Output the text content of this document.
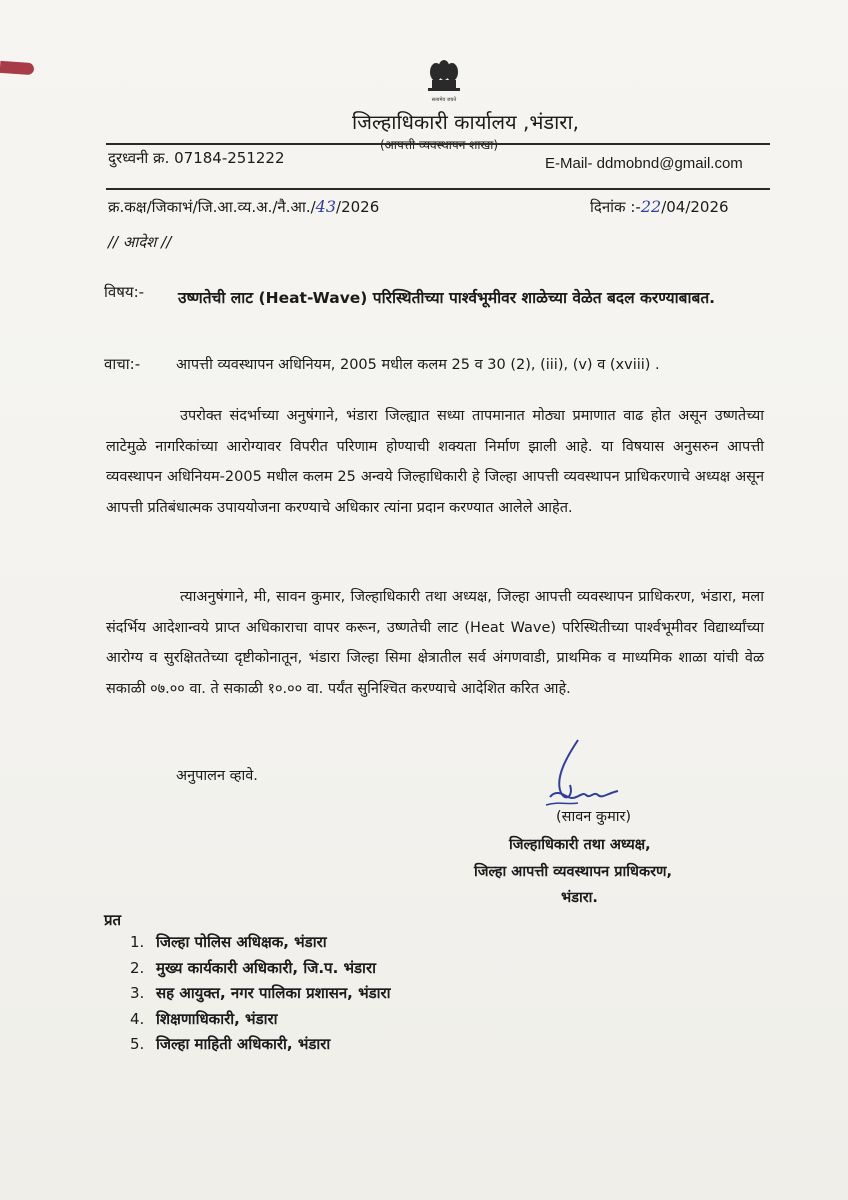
सत्यमेव जयते
जिल्हाधिकारी कार्यालय ,भंडारा,
(आपत्ती व्यवस्थापन शाखा)
दुरध्वनी क्र. 07184-251222	E-Mail- ddmobnd@gmail.com
क्र.कक्ष/जिकाभं/जि.आ.व्य.अ./नै.आ./43/2026	दिनांक :-22/04/2026
// आदेश //
विषय:- उष्णतेची लाट (Heat-Wave) परिस्थितीच्या पार्श्वभूमीवर शाळेच्या वेळेत बदल करण्याबाबत.
वाचा:- आपत्ती व्यवस्थापन अधिनियम, 2005 मधील कलम 25 व 30 (2), (iii), (v) व (xviii) .
उपरोक्त संदर्भाच्या अनुषंगाने, भंडारा जिल्ह्यात सध्या तापमानात मोठ्या प्रमाणात वाढ होत असून उष्णतेच्या लाटेमुळे नागरिकांच्या आरोग्यावर विपरीत परिणाम होण्याची शक्यता निर्माण झाली आहे. या विषयास अनुसरुन आपत्ती व्यवस्थापन अधिनियम-2005 मधील कलम 25 अन्वये जिल्हाधिकारी हे जिल्हा आपत्ती व्यवस्थापन प्राधिकरणाचे अध्यक्ष असून आपत्ती प्रतिबंधात्मक उपाययोजना करण्याचे अधिकार त्यांना प्रदान करण्यात आलेले आहेत.
त्याअनुषंगाने, मी, सावन कुमार, जिल्हाधिकारी तथा अध्यक्ष, जिल्हा आपत्ती व्यवस्थापन प्राधिकरण, भंडारा, मला संदर्भिय आदेशान्वये प्राप्त अधिकाराचा वापर करून, उष्णतेची लाट (Heat Wave) परिस्थितीच्या पार्श्वभूमीवर विद्यार्थ्यांच्या आरोग्य व सुरक्षिततेच्या दृष्टीकोनातून, भंडारा जिल्हा सिमा क्षेत्रातील सर्व अंगणवाडी, प्राथमिक व माध्यमिक शाळा यांची वेळ सकाळी ०७.०० वा. ते सकाळी १०.०० वा. पर्यंत सुनिश्चित करण्याचे आदेशित करित आहे.
अनुपालन व्हावे.
(सावन कुमार)
जिल्हाधिकारी तथा अध्यक्ष,
जिल्हा आपत्ती व्यवस्थापन प्राधिकरण,
भंडारा.
प्रत
1. जिल्हा पोलिस अधिक्षक, भंडारा
2. मुख्य कार्यकारी अधिकारी, जि.प. भंडारा
3. सह आयुक्त, नगर पालिका प्रशासन, भंडारा
4. शिक्षणाधिकारी, भंडारा
5. जिल्हा माहिती अधिकारी, भंडारा
